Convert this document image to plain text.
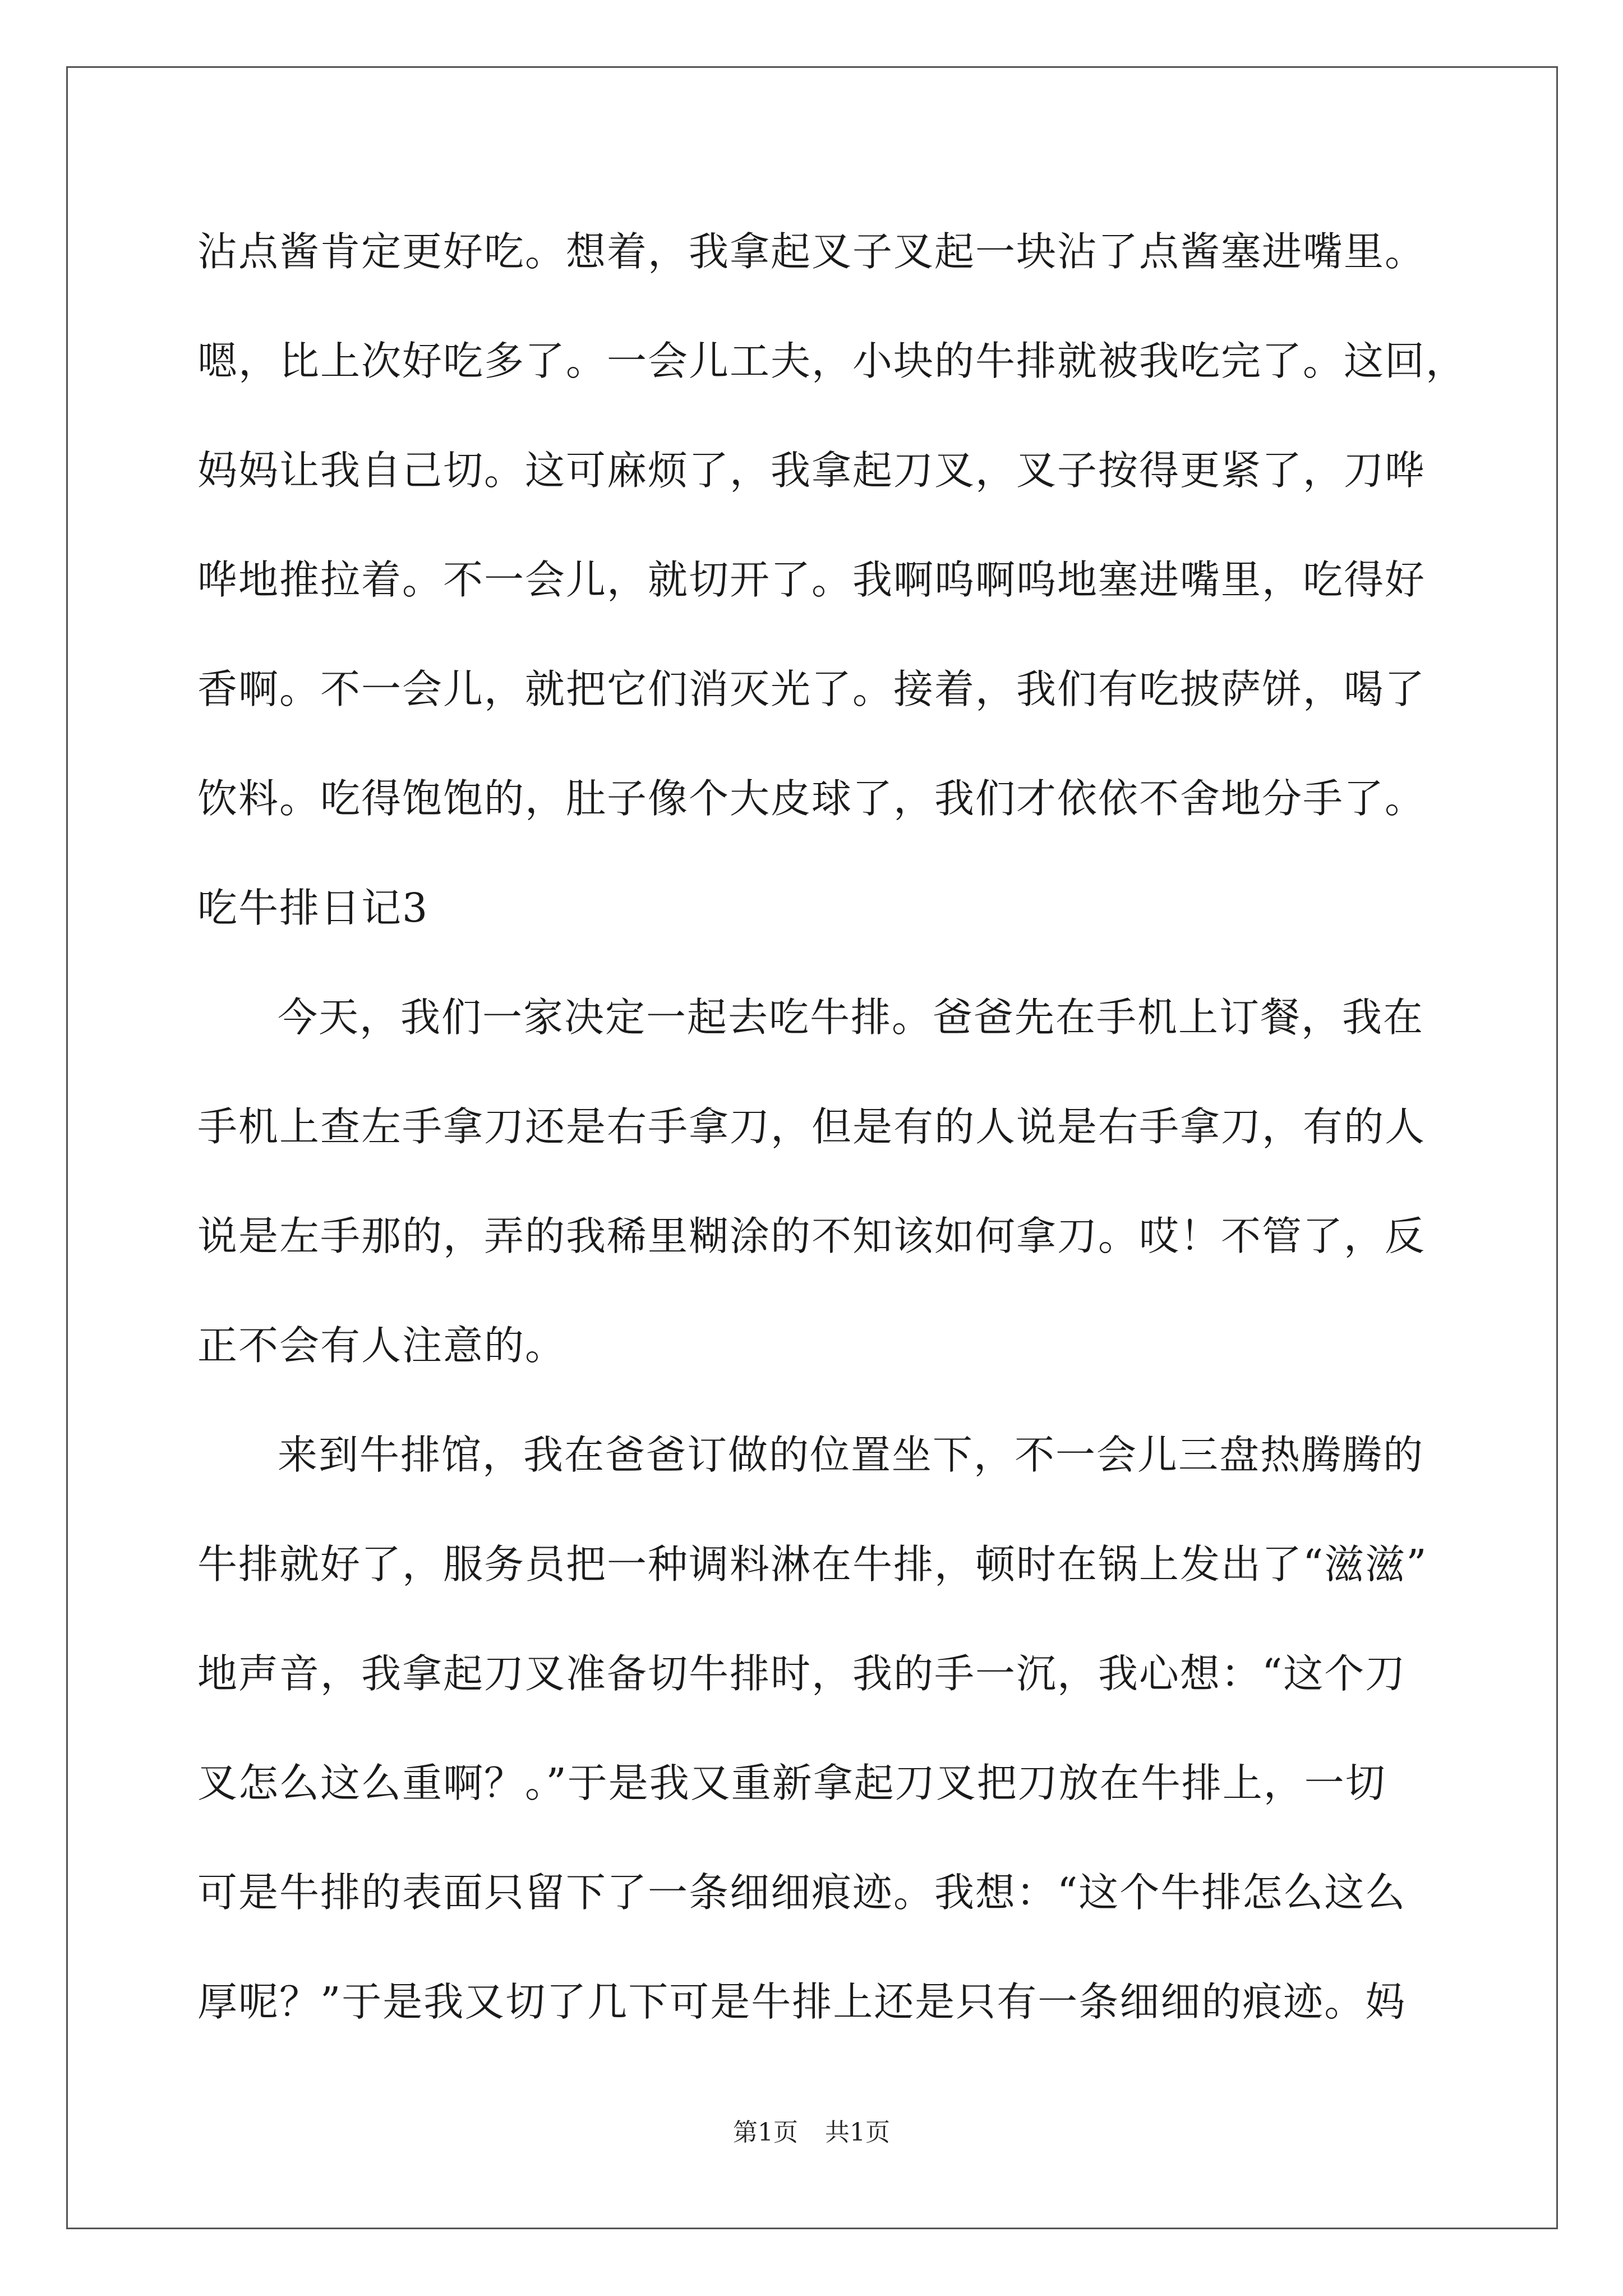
沾点酱肯定更好吃。想着，我拿起叉子叉起一块沾了点酱塞进嘴里。

嗯，比上次好吃多了。一会儿工夫，小块的牛排就被我吃完了。这回，

妈妈让我自己切。这可麻烦了，我拿起刀叉，叉子按得更紧了，刀哗

哗地推拉着。不一会儿，就切开了。我啊呜啊呜地塞进嘴里，吃得好

香啊。不一会儿，就把它们消灭光了。接着，我们有吃披萨饼，喝了

饮料。吃得饱饱的，肚子像个大皮球了，我们才依依不舍地分手了。

吃牛排日记3

今天，我们一家决定一起去吃牛排。爸爸先在手机上订餐，我在

手机上查左手拿刀还是右手拿刀，但是有的人说是右手拿刀，有的人

说是左手那的，弄的我稀里糊涂的不知该如何拿刀。哎！不管了，反

正不会有人注意的。

来到牛排馆，我在爸爸订做的位置坐下，不一会儿三盘热腾腾的

牛排就好了，服务员把一种调料淋在牛排，顿时在锅上发出了“滋滋”

地声音，我拿起刀叉准备切牛排时，我的手一沉，我心想：“这个刀

叉怎么这么重啊？。”于是我又重新拿起刀叉把刀放在牛排上，一切

可是牛排的表面只留下了一条细细痕迹。我想：“这个牛排怎么这么

厚呢？”于是我又切了几下可是牛排上还是只有一条细细的痕迹。妈

第1页 共1页
